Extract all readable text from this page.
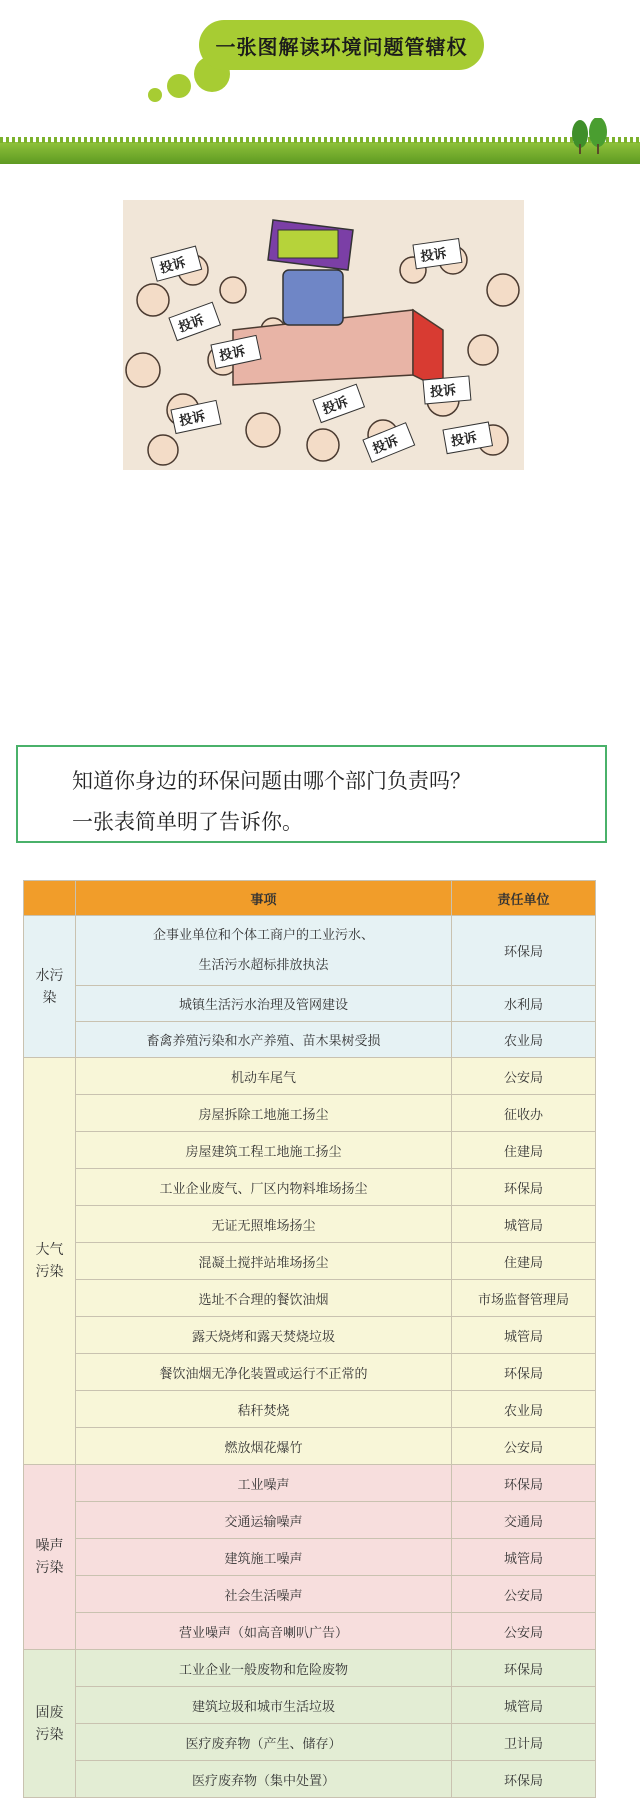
一张图解读环境问题管辖权
投诉	投诉
投诉
投诉
投诉
投诉
投诉
投诉	投诉
知道你身边的环保问题由哪个部门负责吗？
一张表简单明了告诉你。
	事项	责任单位
水污染	企事业单位和个体工商户的工业污水、
生活污水超标排放执法	环保局
	城镇生活污水治理及管网建设	水利局
	畜禽养殖污染和水产养殖、苗木果树受损	农业局
大气污染	机动车尾气	公安局
	房屋拆除工地施工扬尘	征收办
	房屋建筑工程工地施工扬尘	住建局
	工业企业废气、厂区内物料堆场扬尘	环保局
	无证无照堆场扬尘	城管局
	混凝土搅拌站堆场扬尘	住建局
	选址不合理的餐饮油烟	市场监督管理局
	露天烧烤和露天焚烧垃圾	城管局
	餐饮油烟无净化装置或运行不正常的	环保局
	秸秆焚烧	农业局
	燃放烟花爆竹	公安局
噪声污染	工业噪声	环保局
	交通运输噪声	交通局
	建筑施工噪声	城管局
	社会生活噪声	公安局
	营业噪声（如高音喇叭广告）	公安局
固废污染	工业企业一般废物和危险废物	环保局
	建筑垃圾和城市生活垃圾	城管局
	医疗废弃物（产生、储存）	卫计局
	医疗废弃物（集中处置）	环保局
